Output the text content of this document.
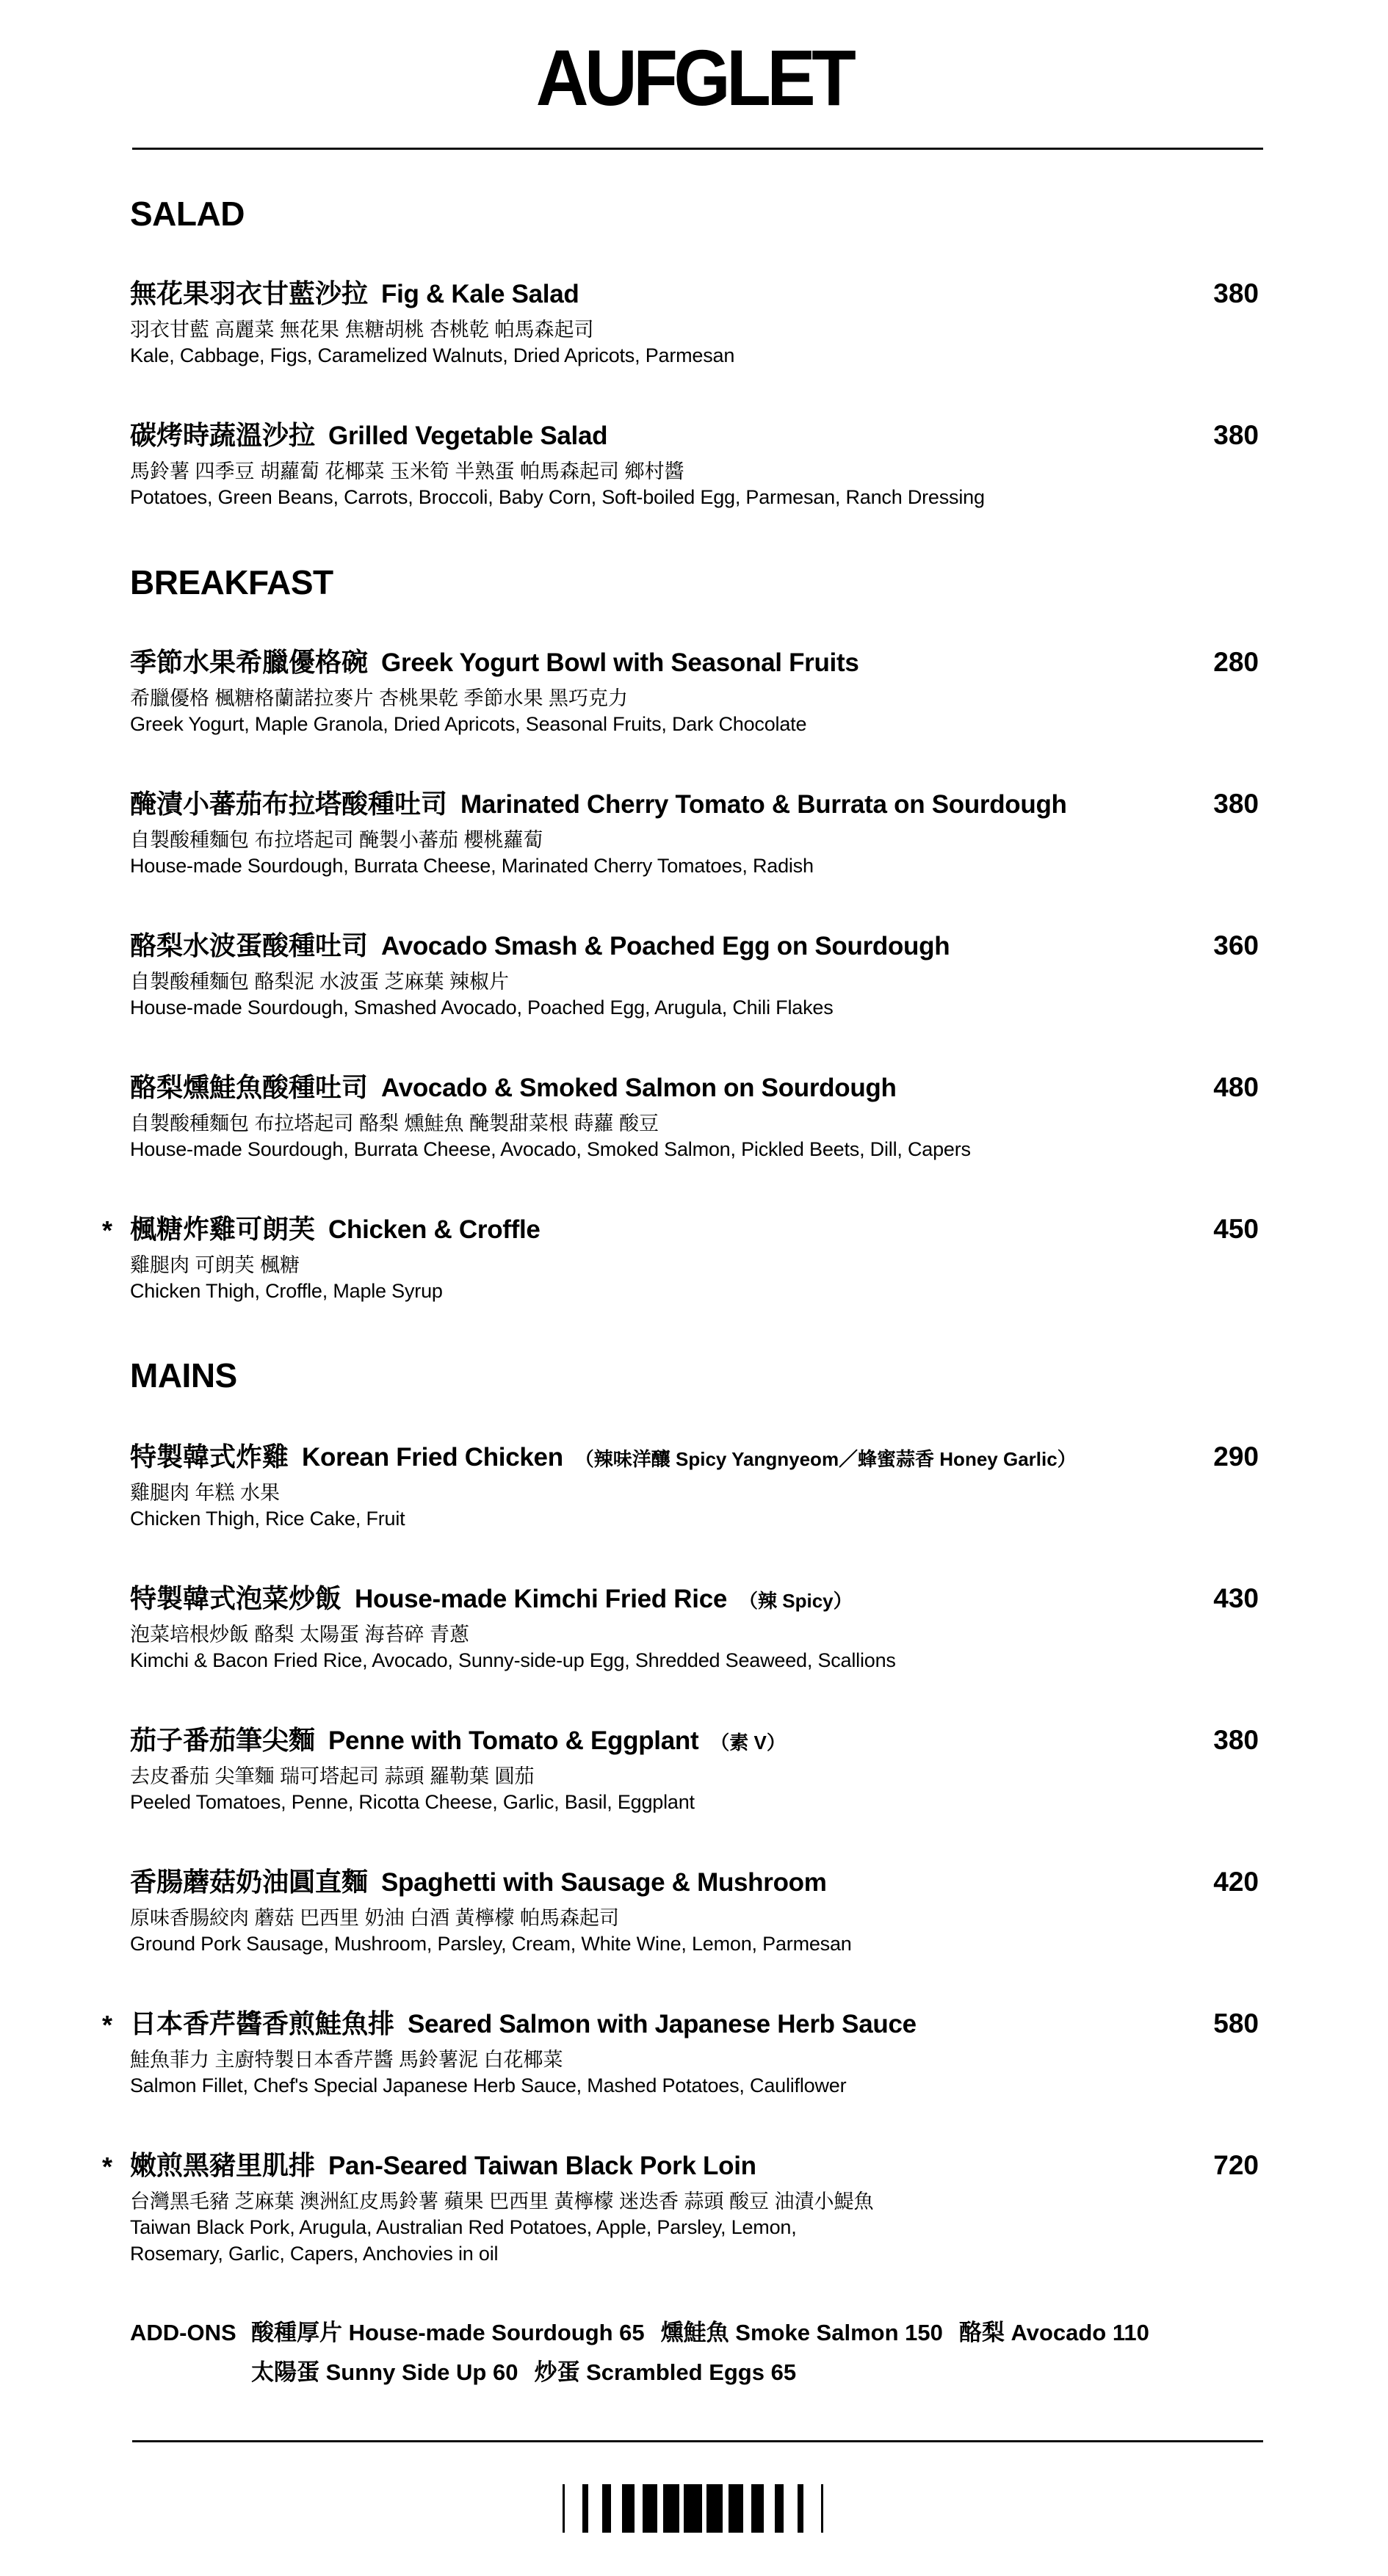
AUFGLET
SALAD
無花果羽衣甘藍沙拉 Fig & Kale Salad	380
羽衣甘藍 高麗菜 無花果 焦糖胡桃 杏桃乾 帕馬森起司
Kale, Cabbage, Figs, Caramelized Walnuts, Dried Apricots, Parmesan
碳烤時蔬溫沙拉 Grilled Vegetable Salad	380
馬鈴薯 四季豆 胡蘿蔔 花椰菜 玉米筍 半熟蛋 帕馬森起司 鄉村醬
Potatoes, Green Beans, Carrots, Broccoli, Baby Corn, Soft-boiled Egg, Parmesan, Ranch Dressing
BREAKFAST
季節水果希臘優格碗 Greek Yogurt Bowl with Seasonal Fruits	280
希臘優格 楓糖格蘭諾拉麥片 杏桃果乾 季節水果 黑巧克力
Greek Yogurt, Maple Granola, Dried Apricots, Seasonal Fruits, Dark Chocolate
醃漬小蕃茄布拉塔酸種吐司 Marinated Cherry Tomato & Burrata on Sourdough	380
自製酸種麵包 布拉塔起司 醃製小蕃茄 櫻桃蘿蔔
House-made Sourdough, Burrata Cheese, Marinated Cherry Tomatoes, Radish
酪梨水波蛋酸種吐司 Avocado Smash & Poached Egg on Sourdough	360
自製酸種麵包 酪梨泥 水波蛋 芝麻葉 辣椒片
House-made Sourdough, Smashed Avocado, Poached Egg, Arugula, Chili Flakes
酪梨燻鮭魚酸種吐司 Avocado & Smoked Salmon on Sourdough	480
自製酸種麵包 布拉塔起司 酪梨 燻鮭魚 醃製甜菜根 蒔蘿 酸豆
House-made Sourdough, Burrata Cheese, Avocado, Smoked Salmon, Pickled Beets, Dill, Capers
* 楓糖炸雞可朗芙 Chicken & Croffle	450
雞腿肉 可朗芙 楓糖
Chicken Thigh, Croffle, Maple Syrup
MAINS
特製韓式炸雞 Korean Fried Chicken （辣味洋釀 Spicy Yangnyeom／蜂蜜蒜香 Honey Garlic）	290
雞腿肉 年糕 水果
Chicken Thigh, Rice Cake, Fruit
特製韓式泡菜炒飯 House-made Kimchi Fried Rice （辣 Spicy）	430
泡菜培根炒飯 酪梨 太陽蛋 海苔碎 青蔥
Kimchi & Bacon Fried Rice, Avocado, Sunny-side-up Egg, Shredded Seaweed, Scallions
茄子番茄筆尖麵 Penne with Tomato & Eggplant （素 V）	380
去皮番茄 尖筆麵 瑞可塔起司 蒜頭 羅勒葉 圓茄
Peeled Tomatoes, Penne, Ricotta Cheese, Garlic, Basil, Eggplant
香腸蘑菇奶油圓直麵 Spaghetti with Sausage & Mushroom	420
原味香腸絞肉 蘑菇 巴西里 奶油 白酒 黃檸檬 帕馬森起司
Ground Pork Sausage, Mushroom, Parsley, Cream, White Wine, Lemon, Parmesan
* 日本香芹醬香煎鮭魚排 Seared Salmon with Japanese Herb Sauce	580
鮭魚菲力 主廚特製日本香芹醬 馬鈴薯泥 白花椰菜
Salmon Fillet, Chef's Special Japanese Herb Sauce, Mashed Potatoes, Cauliflower
* 嫩煎黑豬里肌排 Pan-Seared Taiwan Black Pork Loin	720
台灣黑毛豬 芝麻葉 澳洲紅皮馬鈴薯 蘋果 巴西里 黃檸檬 迷迭香 蒜頭 酸豆 油漬小鯷魚
Taiwan Black Pork, Arugula, Australian Red Potatoes, Apple, Parsley, Lemon,
Rosemary, Garlic, Capers, Anchovies in oil
ADD-ONS 酸種厚片 House-made Sourdough 65 燻鮭魚 Smoke Salmon 150 酪梨 Avocado 110
太陽蛋 Sunny Side Up 60 炒蛋 Scrambled Eggs 65
